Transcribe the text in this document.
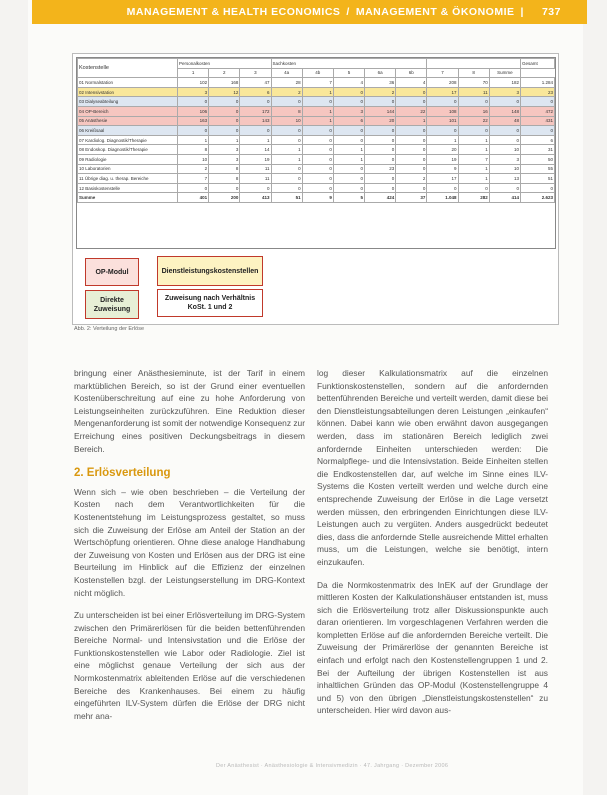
MANAGEMENT & HEALTH ECONOMICS / MANAGEMENT & ÖKONOMIE | 737
Kostenstelle	Personalkosten			Sachkosten								Gesamt
	1	2	3	4a	4b	5	6a	6b	7	8	Summe	
01 Normalstation	102	168	47	28	7	4	36	4	208	70	182	1.284
02 Intensivstation	3	12	6	2	1	0	2	0	17	11	3	23
03 Dialyseabteilung	0	0	0	0	0	0	0	0	0	0	0	0
04 OP-Bereich	106	0	172	8	1	3	144	22	108	16	148	472
05 Anästhesie	163	0	143	10	1	6	20	1	101	22	48	431
06 Kreißsaal	0	0	0	0	0	0	0	0	0	0	0	0
07 Kardiolog. Diagnostik/Therapie	1	1	1	0	0	0	0	0	1	1	0	6
08 Endoskop. Diagnostik/Therapie	8	3	14	1	0	1	0	0	20	1	10	31
09 Radiologie	10	3	19	1	0	1	0	0	19	7	3	50
10 Laboratorien	2	8	11	0	0	0	23	0	9	1	10	55
11 Übrige diag. u. therap. Bereiche	7	8	11	0	0	0	0	2	17	1	13	51
12 Basiskostenstelle	0	0	0	0	0	0	0	0	0	0	0	0
Summe	401	200	413	51	9	5	424	37	1.048	282	414	2.623
OP-Modul	Dienstleistungskostenstellen
Direkte Zuweisung
Zuweisung nach Verhältnis KoSt. 1 und 2
Abb. 2: Verteilung der Erlöse

bringung einer Anästhesieminute, ist der Tarif in einem marktüblichen Bereich, so ist der Grund einer eventuellen Kostenüberschreitung auf eine zu hohe Anforderung von Leistungseinheiten zurückzuführen. Eine Reduktion dieser Mengenanforderung ist somit der notwendige Konsequenz zur Erreichung eines positiven Deckungsbeitrags in diesem Bereich.

2. Erlösverteilung

Wenn sich – wie oben beschrieben – die Verteilung der Kosten nach dem Verantwortlichkeiten für die Kostenentstehung im Leistungsprozess gestaltet, so muss sich die Zuweisung der Erlöse am Anteil der Station an der Wertschöpfung orientieren. Ohne diese analoge Handhabung der Zuweisung von Kosten und Erlösen aus der DRG ist eine Beurteilung im Hinblick auf die Effizienz der einzelnen Kostenstellen bzgl. der Leistungserstellung im DRG-Kontext nicht möglich.

Zu unterscheiden ist bei einer Erlösverteilung im DRG-System zwischen den Primärerlösen für die beiden bettenführenden Bereiche Normal- und Intensivstation und die Erlöse der Funktionskostenstellen wie Labor oder Radiologie. Ziel ist eine möglichst genaue Verteilung der sich aus der Normkostenmatrix ableitenden Erlöse auf die verschiedenen Bereiche des Krankenhauses. Bei einem zu häufig eingeführten ILV-System dürfen die Erlöse der DRG nicht mehr ana-

log dieser Kalkulationsmatrix auf die einzelnen Funktionskostenstellen, sondern auf die anfordernden bettenführenden Bereiche und verteilt werden, damit diese bei den Dienstleistungsabteilungen deren Leistungen „einkaufen“ können. Dabei kann wie oben erwähnt davon ausgegangen werden, dass im stationären Bereich lediglich zwei anfordernde Einheiten unterschieden werden: Die Normalpflege- und die Intensivstation. Beide Einheiten stellen die Endkostenstellen dar, auf welche im Sinne eines ILV-Systems die Kosten verteilt werden und welche durch eine entsprechende Zuweisung der Erlöse in die Lage versetzt werden müssen, den erbringenden Einrichtungen diese ILV-Leistungen auch zu vergüten. Anders ausgedrückt bedeutet dies, dass die anfordernde Stelle ausreichende Mittel erhalten muss, um die Leistungen, welche sie benötigt, intern einzukaufen.

Da die Normkostenmatrix des InEK auf der Grundlage der mittleren Kosten der Kalkulationshäuser entstanden ist, muss sich die Erlösverteilung trotz aller Diskussionspunkte auch daran orientieren. Im vorgeschlagenen Verfahren werden die kompletten Erlöse auf die anfordernden Bereiche verteilt. Die Zuweisung der Primärerlöse der genannten Bereiche ist einfach und erfolgt nach den Kostenstellengruppen 1 und 2. Bei der Aufteilung der übrigen Kostenstellen ist aus inhaltlichen Gründen das OP-Modul (Kostenstellengruppe 4 und 5) von den übrigen „Dienstleistungskostenstellen“ zu unterscheiden. Hier wird davon aus-

Der Anästhesist · Anästhesiologie & Intensivmedizin · 47. Jahrgang · Dezember 2006
